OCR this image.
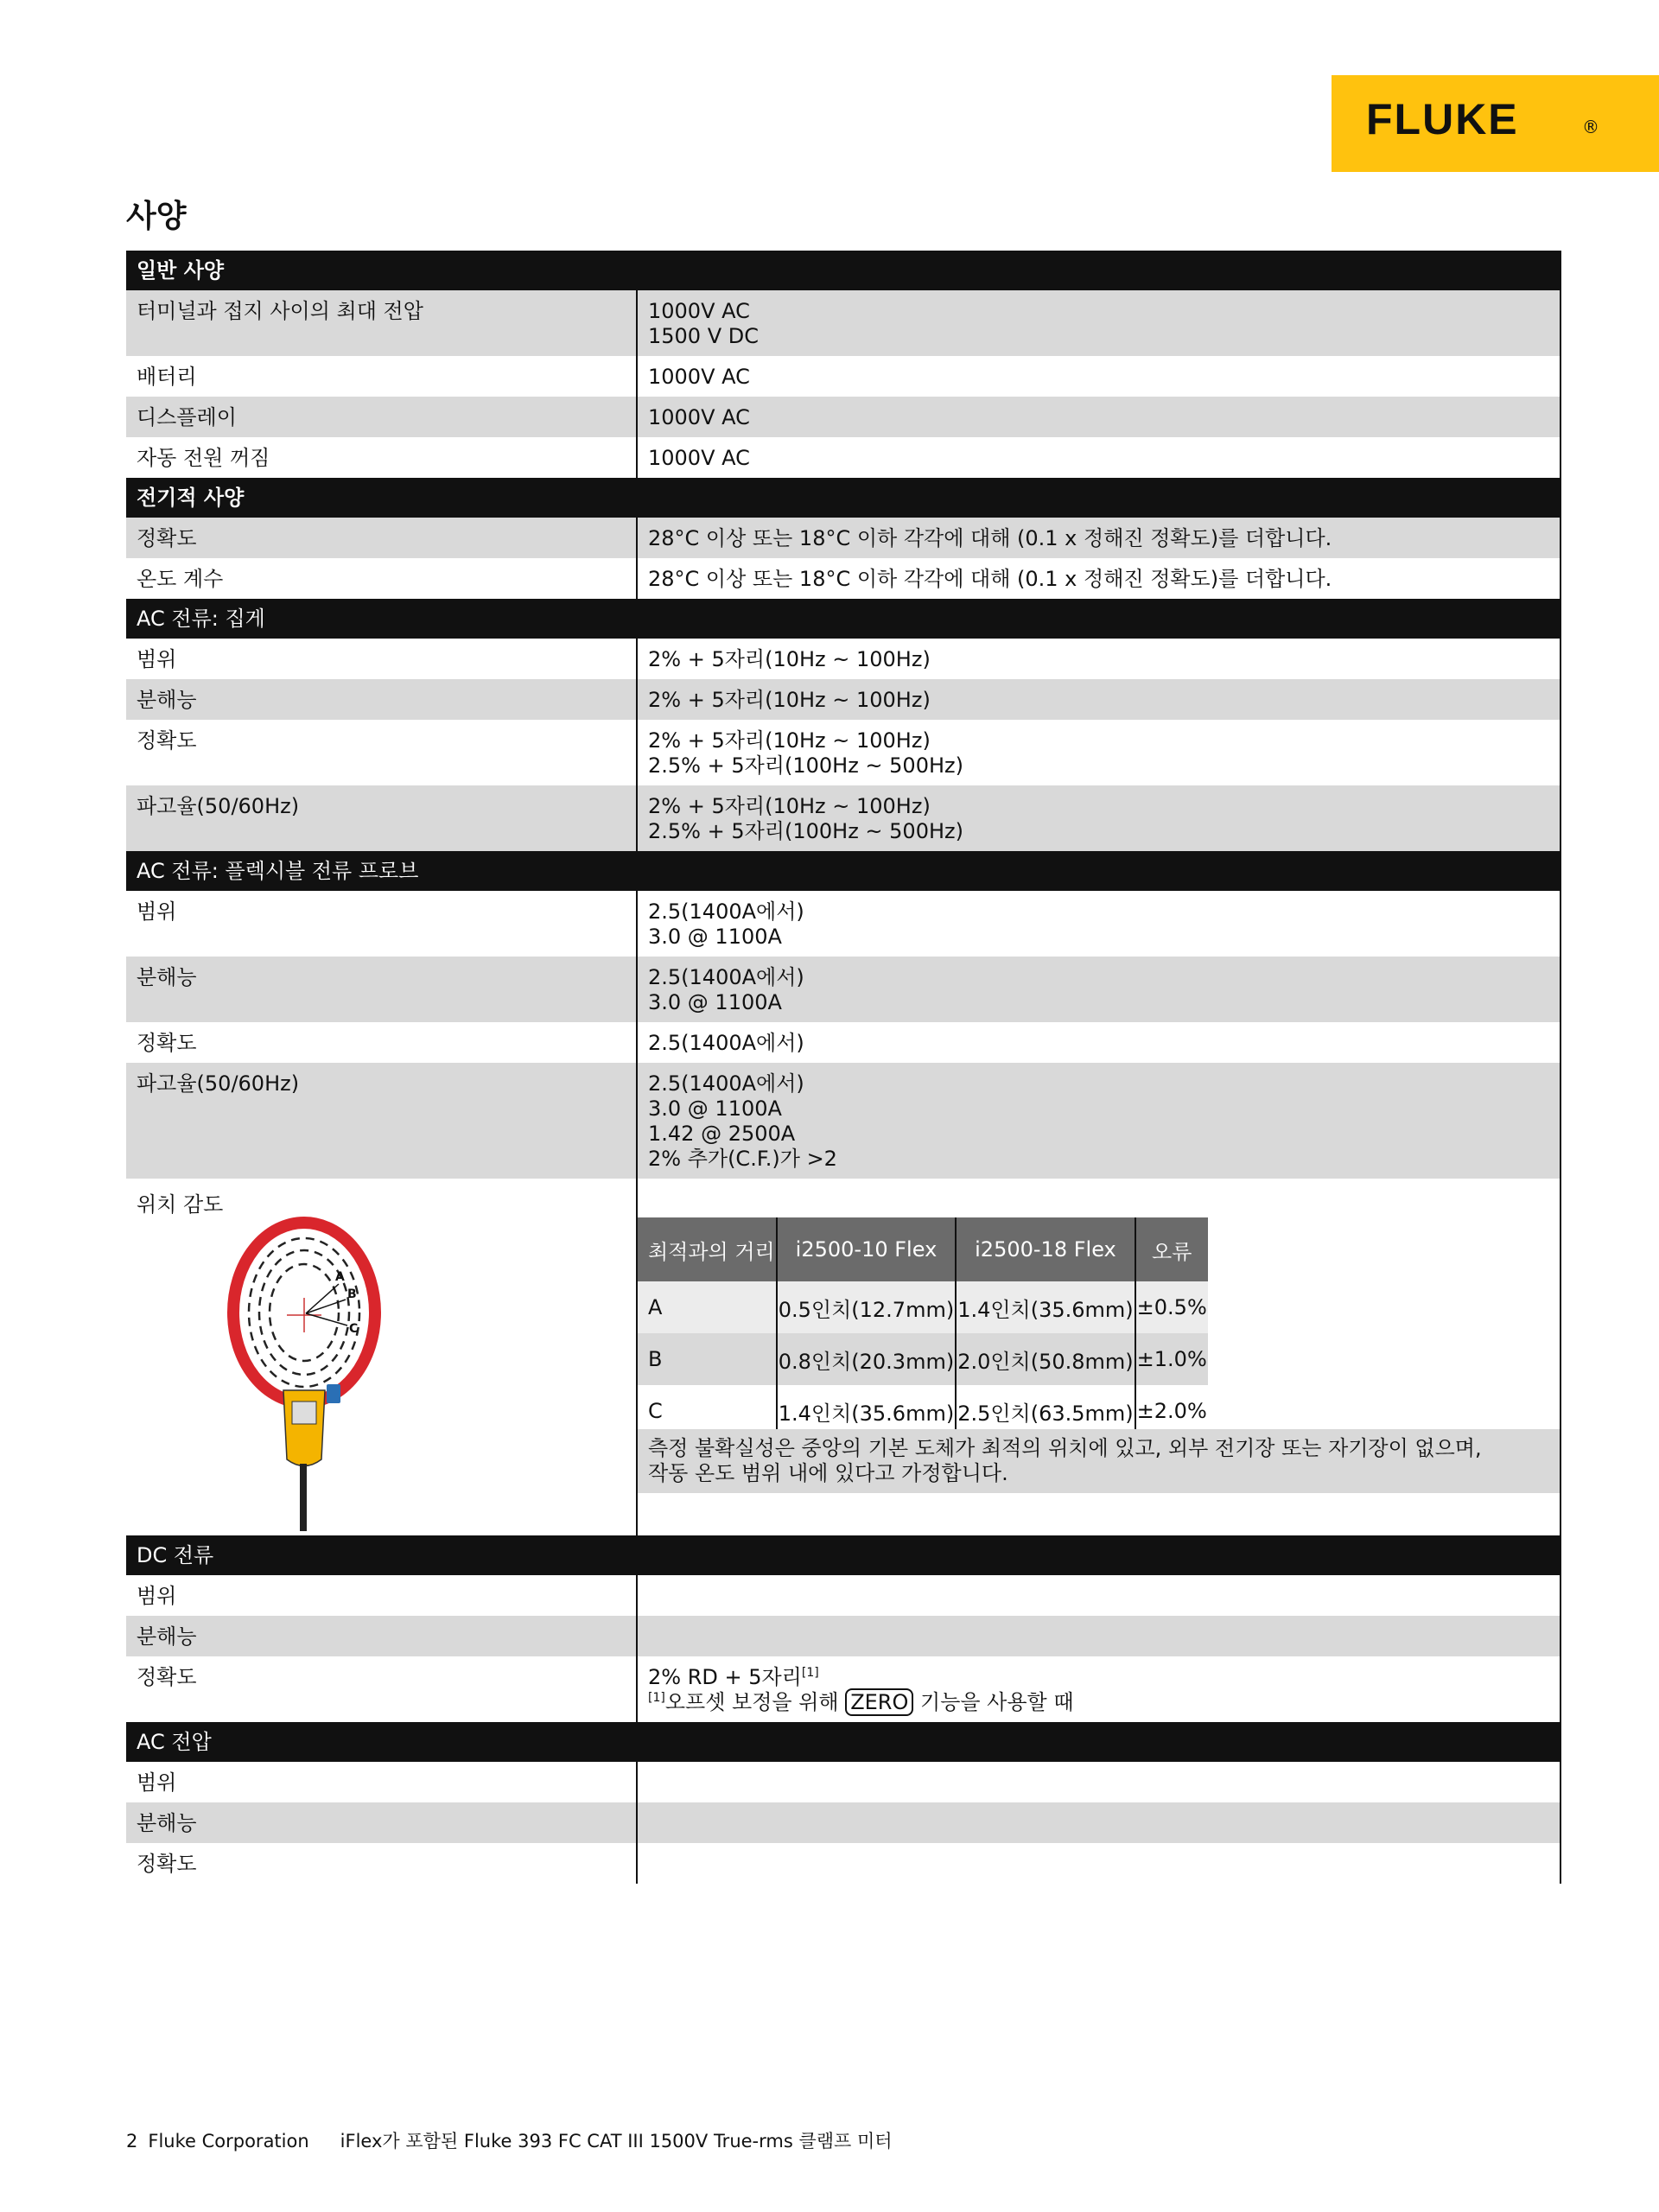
FLUKE	®
사양
일반 사양
터미널과 접지 사이의 최대 전압	1000V AC
1500 V DC
배터리	1000V AC
디스플레이	1000V AC
자동 전원 꺼짐	1000V AC
전기적 사양
정확도	28°C 이상 또는 18°C 이하 각각에 대해 (0.1 x 정해진 정확도)를 더합니다.
온도 계수	28°C 이상 또는 18°C 이하 각각에 대해 (0.1 x 정해진 정확도)를 더합니다.
AC 전류: 집게
범위	2% + 5자리(10Hz ~ 100Hz)
분해능	2% + 5자리(10Hz ~ 100Hz)
정확도	2% + 5자리(10Hz ~ 100Hz)
2.5% + 5자리(100Hz ~ 500Hz)
파고율(50/60Hz)	2% + 5자리(10Hz ~ 100Hz)
2.5% + 5자리(100Hz ~ 500Hz)
AC 전류: 플렉시블 전류 프로브
범위	2.5(1400A에서)
3.0 @ 1100A
분해능	2.5(1400A에서)
3.0 @ 1100A
정확도	2.5(1400A에서)
파고율(50/60Hz)	2.5(1400A에서)
3.0 @ 1100A
1.42 @ 2500A
2% 추가(C.F.)가 >2
위치 감도
A
B
C
최적과의 거리	i2500-10 Flex	i2500-18 Flex	오류
A	0.5인치(12.7mm)	1.4인치(35.6mm)	±0.5%
B	0.8인치(20.3mm)	2.0인치(50.8mm)	±1.0%
C	1.4인치(35.6mm)	2.5인치(63.5mm)	±2.0%
측정 불확실성은 중앙의 기본 도체가 최적의 위치에 있고, 외부 전기장 또는 자기장이 없으며,
작동 온도 범위 내에 있다고 가정합니다.
DC 전류
범위
분해능
정확도	2% RD + 5자리[1]
[1]오프셋 보정을 위해 ZERO 기능을 사용할 때
AC 전압
범위
분해능
정확도
2 Fluke Corporation iFlex가 포함된 Fluke 393 FC CAT III 1500V True-rms 클램프 미터
